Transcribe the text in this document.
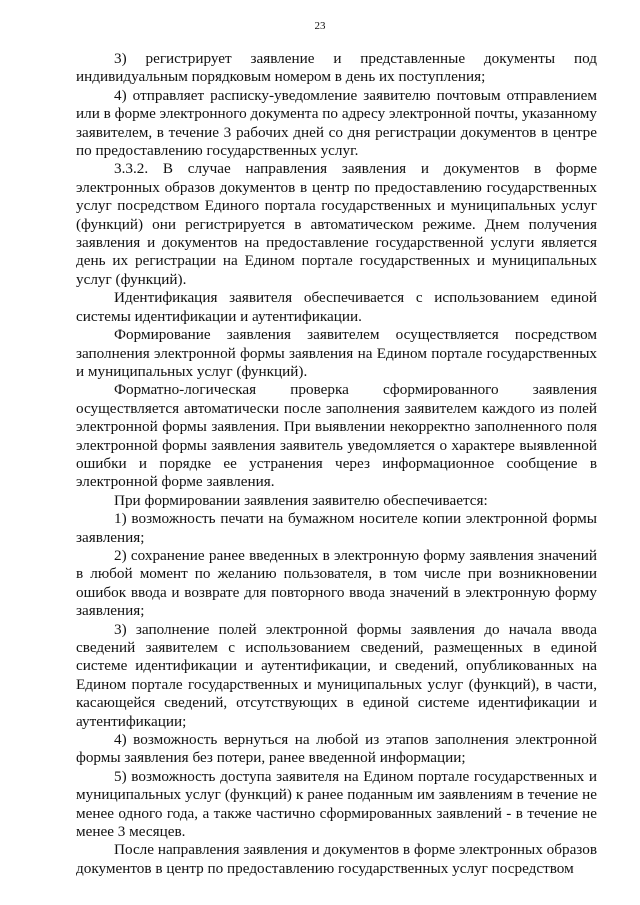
23

3) регистрирует заявление и представленные документы под индивидуальным порядковым номером в день их поступления;

4) отправляет расписку-уведомление заявителю почтовым отправлением или в форме электронного документа по адресу электронной почты, указанному заявителем, в течение 3 рабочих дней со дня регистрации документов в центре по предоставлению государственных услуг.

3.3.2. В случае направления заявления и документов в форме электронных образов документов в центр по предоставлению государственных услуг посредством Единого портала государственных и муниципальных услуг (функций) они регистрируется в автоматическом режиме. Днем получения заявления и документов на предоставление государственной услуги является день их регистрации на Едином портале государственных и муниципальных услуг (функций).

Идентификация заявителя обеспечивается с использованием единой системы идентификации и аутентификации.

Формирование заявления заявителем осуществляется посредством заполнения электронной формы заявления на Едином портале государственных и муниципальных услуг (функций).

Форматно-логическая проверка сформированного заявления осуществляется автоматически после заполнения заявителем каждого из полей электронной формы заявления. При выявлении некорректно заполненного поля электронной формы заявления заявитель уведомляется о характере выявленной ошибки и порядке ее устранения через информационное сообщение в электронной форме заявления.

При формировании заявления заявителю обеспечивается:

1) возможность печати на бумажном носителе копии электронной формы заявления;

2) сохранение ранее введенных в электронную форму заявления значений в любой момент по желанию пользователя, в том числе при возникновении ошибок ввода и возврате для повторного ввода значений в электронную форму заявления;

3) заполнение полей электронной формы заявления до начала ввода сведений заявителем с использованием сведений, размещенных в единой системе идентификации и аутентификации, и сведений, опубликованных на Едином портале государственных и муниципальных услуг (функций), в части, касающейся сведений, отсутствующих в единой системе идентификации и аутентификации;

4) возможность вернуться на любой из этапов заполнения электронной формы заявления без потери, ранее введенной информации;

5) возможность доступа заявителя на Едином портале государственных и муниципальных услуг (функций) к ранее поданным им заявлениям в течение не менее одного года, а также частично сформированных заявлений - в течение не менее 3 месяцев.

После направления заявления и документов в форме электронных образов документов в центр по предоставлению государственных услуг посредством
